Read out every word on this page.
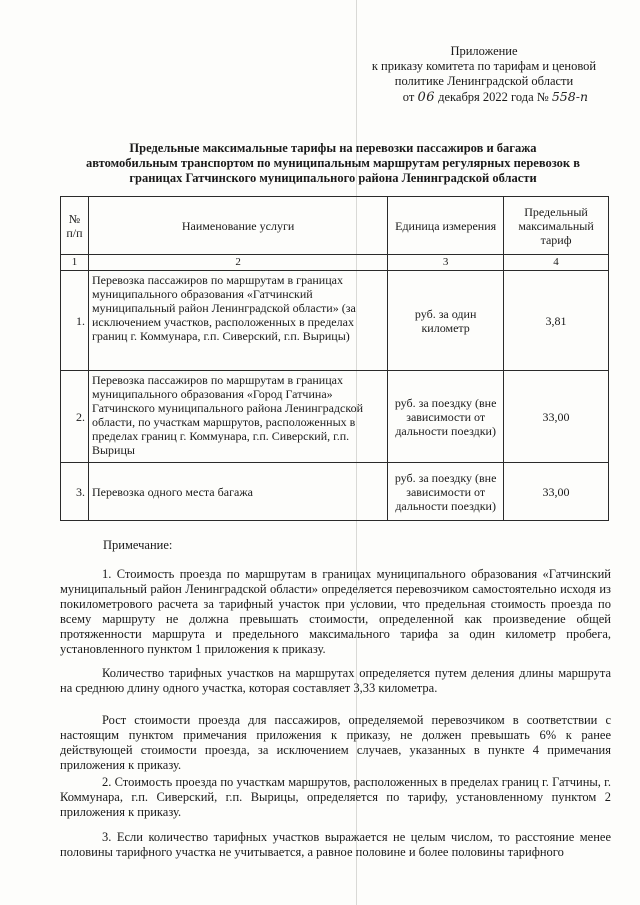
Приложение
к приказу комитета по тарифам и ценовой
политике Ленинградской области
от 06 декабря 2022 года № 558-п
Предельные максимальные тарифы на перевозки пассажиров и багажа
автомобильным транспортом по муниципальным маршрутам регулярных перевозок в
границах Гатчинского муниципального района Ленинградской области
№ п/п	Наименование услуги	Единица измерения	Предельный максимальный тариф
1	2	3	4
1.	Перевозка пассажиров по маршрутам в границах муниципального образования «Гатчинский муниципальный район Ленинградской области» (за исключением участков, расположенных в пределах границ г. Коммунара, г.п. Сиверский, г.п. Вырицы)	руб. за один километр	3,81
2.	Перевозка пассажиров по маршрутам в границах муниципального образования «Город Гатчина» Гатчинского муниципального района Ленинградской области, по участкам маршрутов, расположенных в пределах границ г. Коммунара, г.п. Сиверский, г.п. Вырицы	руб. за поездку (вне зависимости от дальности поездки)	33,00
3.	Перевозка одного места багажа	руб. за поездку (вне зависимости от дальности поездки)	33,00
Примечание:
1. Стоимость проезда по маршрутам в границах муниципального образования «Гатчинский муниципальный район Ленинградской области» определяется перевозчиком самостоятельно исходя из покилометрового расчета за тарифный участок при условии, что предельная стоимость проезда по всему маршруту не должна превышать стоимости, определенной как произведение общей протяженности маршрута и предельного максимального тарифа за один километр пробега, установленного пунктом 1 приложения к приказу.
Количество тарифных участков на маршрутах определяется путем деления длины маршрута на среднюю длину одного участка, которая составляет 3,33 километра.
Рост стоимости проезда для пассажиров, определяемой перевозчиком в соответствии с настоящим пунктом примечания приложения к приказу, не должен превышать 6% к ранее действующей стоимости проезда, за исключением случаев, указанных в пункте 4 примечания приложения к приказу.
2. Стоимость проезда по участкам маршрутов, расположенных в пределах границ г. Гатчины, г. Коммунара, г.п. Сиверский, г.п. Вырицы, определяется по тарифу, установленному пунктом 2 приложения к приказу.
3. Если количество тарифных участков выражается не целым числом, то расстояние менее половины тарифного участка не учитывается, а равное половине и более половины тарифного
